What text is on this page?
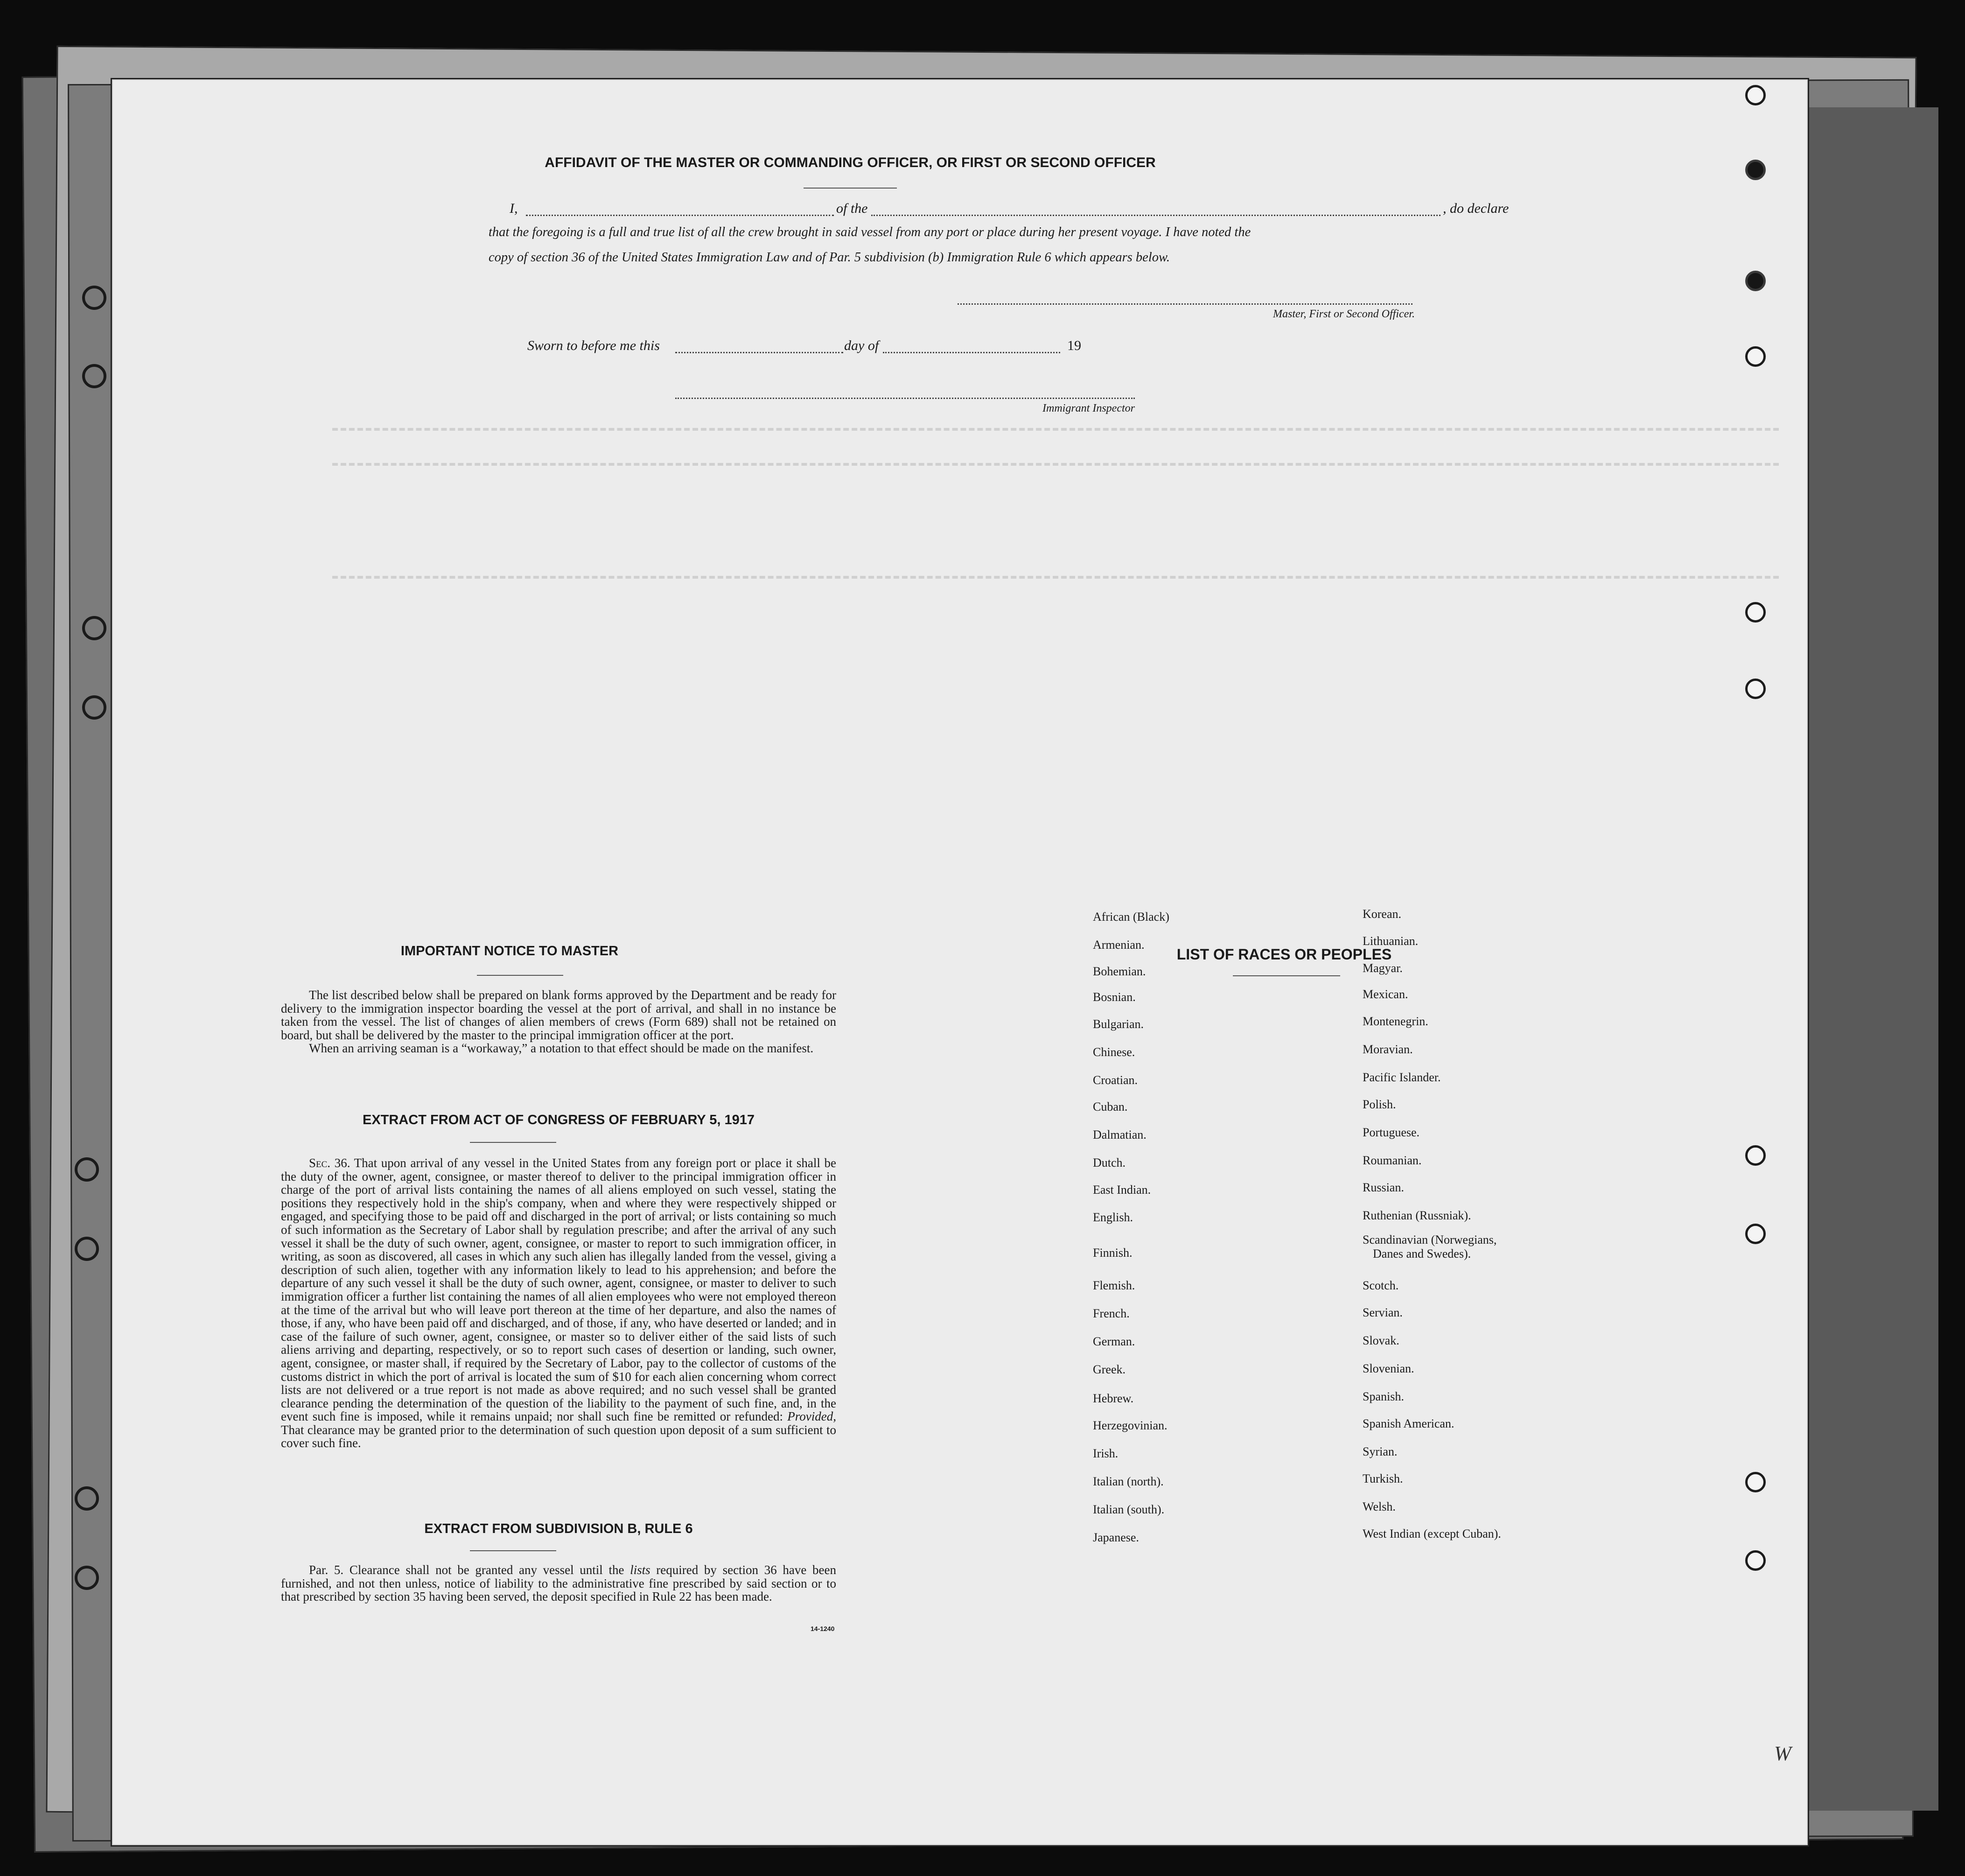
AFFIDAVIT OF THE MASTER OR COMMANDING OFFICER, OR FIRST OR SECOND OFFICER
I,	of the	, do declare
that the foregoing is a full and true list of all the crew brought in said vessel from any port or place during her present voyage. I have noted the
copy of section 36 of the United States Immigration Law and of Par. 5 subdivision (b) Immigration Rule 6 which appears below.
Master, First or Second Officer.
Sworn to before me this	day of	19
Immigrant Inspector
IMPORTANT NOTICE TO MASTER
The list described below shall be prepared on blank forms approved by the Department and be ready for delivery to the immigration inspector boarding the vessel at the port of arrival, and shall in no instance be taken from the vessel. The list of changes of alien members of crews (Form 689) shall not be retained on board, but shall be delivered by the master to the principal immigration officer at the port.
When an arriving seaman is a “workaway,” a notation to that effect should be made on the manifest.
EXTRACT FROM ACT OF CONGRESS OF FEBRUARY 5, 1917
Sec. 36. That upon arrival of any vessel in the United States from any foreign port or place it shall be the duty of the owner, agent, consignee, or master thereof to deliver to the principal immigration officer in charge of the port of arrival lists containing the names of all aliens employed on such vessel, stating the positions they respectively hold in the ship's company, when and where they were respectively shipped or engaged, and specifying those to be paid off and discharged in the port of arrival; or lists containing so much of such information as the Secretary of Labor shall by regulation prescribe; and after the arrival of any such vessel it shall be the duty of such owner, agent, consignee, or master to report to such immigration officer, in writing, as soon as discovered, all cases in which any such alien has illegally landed from the vessel, giving a description of such alien, together with any information likely to lead to his apprehension; and before the departure of any such vessel it shall be the duty of such owner, agent, consignee, or master to deliver to such immigration officer a further list containing the names of all alien employees who were not employed thereon at the time of the arrival but who will leave port thereon at the time of her departure, and also the names of those, if any, who have been paid off and discharged, and of those, if any, who have deserted or landed; and in case of the failure of such owner, agent, consignee, or master so to deliver either of the said lists of such aliens arriving and departing, respectively, or so to report such cases of desertion or landing, such owner, agent, consignee, or master shall, if required by the Secretary of Labor, pay to the collector of customs of the customs district in which the port of arrival is located the sum of $10 for each alien concerning whom correct lists are not delivered or a true report is not made as above required; and no such vessel shall be granted clearance pending the determination of the question of the liability to the payment of such fine, and, in the event such fine is imposed, while it remains unpaid; nor shall such fine be remitted or refunded: Provided, That clearance may be granted prior to the determination of such question upon deposit of a sum sufficient to cover such fine.
EXTRACT FROM SUBDIVISION B, RULE 6
Par. 5. Clearance shall not be granted any vessel until the lists required by section 36 have been furnished, and not then unless, notice of liability to the administrative fine prescribed by said section or to that prescribed by section 35 having been served, the deposit specified in Rule 22 has been made.
14-1240
LIST OF RACES OR PEOPLES
African (Black)
Armenian.
Bohemian.
Bosnian.
Bulgarian.
Chinese.
Croatian.
Cuban.
Dalmatian.
Dutch.
East Indian.
English.
Finnish.
Flemish.
French.
German.
Greek.
Hebrew.
Herzegovinian.
Irish.
Italian (north).
Italian (south).
Japanese.
Korean.
Lithuanian.
Magyar.
Mexican.
Montenegrin.
Moravian.
Pacific Islander.
Polish.
Portuguese.
Roumanian.
Russian.
Ruthenian (Russniak).
Scandinavian (Norwegians,
Danes and Swedes).
Scotch.
Servian.
Slovak.
Slovenian.
Spanish.
Spanish American.
Syrian.
Turkish.
Welsh.
West Indian (except Cuban).
W
